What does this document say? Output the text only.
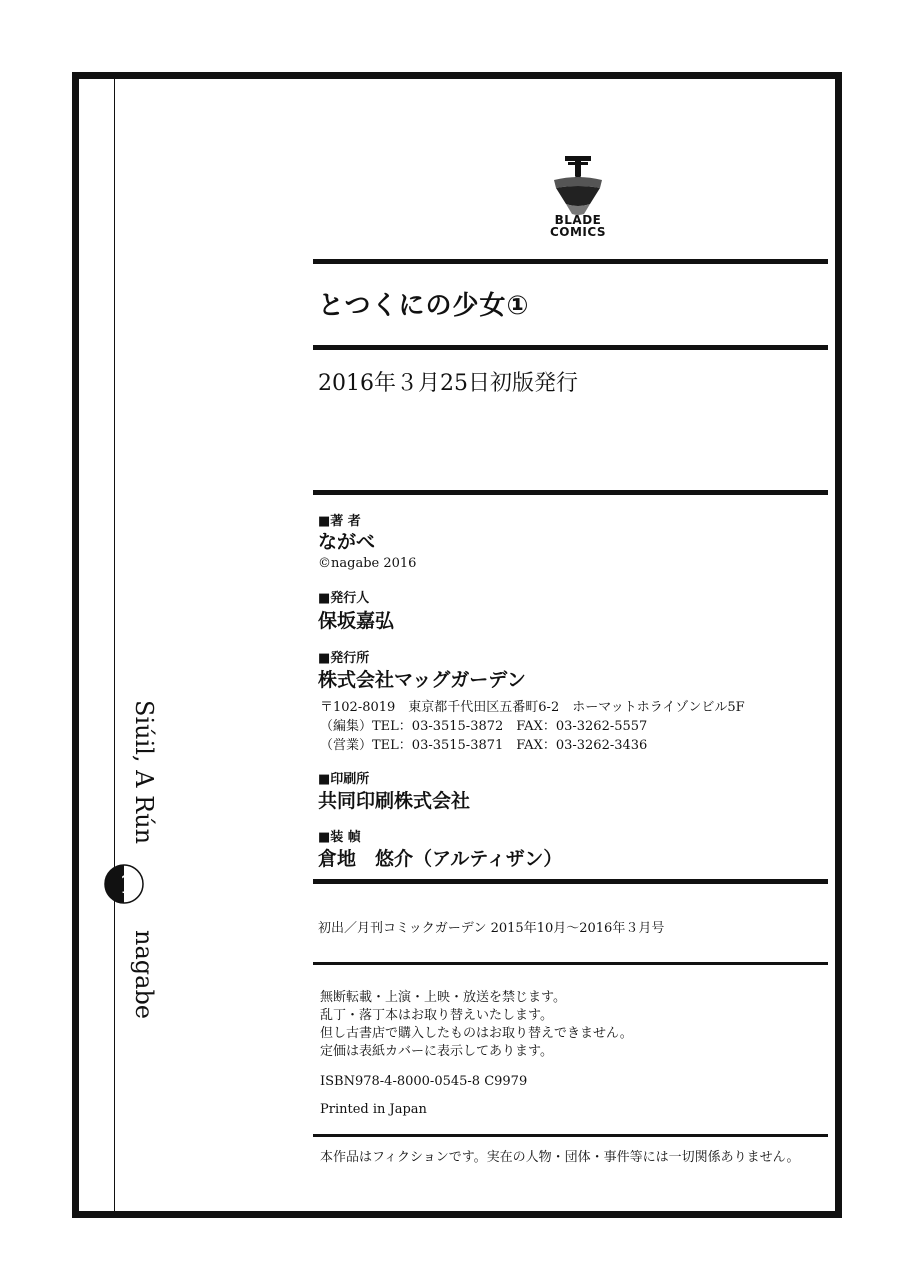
Siúil, A Rún
1
nagabe
BLADE
COMICS
とつくにの少女①
2016年３月25日初版発行
■著 者
ながべ
©nagabe 2016
■発行人
保坂嘉弘
■発行所
株式会社マッグガーデン
〒102-8019　東京都千代田区五番町6-2　ホーマットホライゾンビル5F
（編集）TEL：03-3515-3872　FAX：03-3262-5557
（営業）TEL：03-3515-3871　FAX：03-3262-3436
■印刷所
共同印刷株式会社
■装 幀
倉地　悠介（アルティザン）
初出／月刊コミックガーデン 2015年10月～2016年３月号
無断転載・上演・上映・放送を禁じます。
乱丁・落丁本はお取り替えいたします。
但し古書店で購入したものはお取り替えできません。
定価は表紙カバーに表示してあります。
ISBN978-4-8000-0545-8 C9979
Printed in Japan
本作品はフィクションです。実在の人物・団体・事件等には一切関係ありません。
